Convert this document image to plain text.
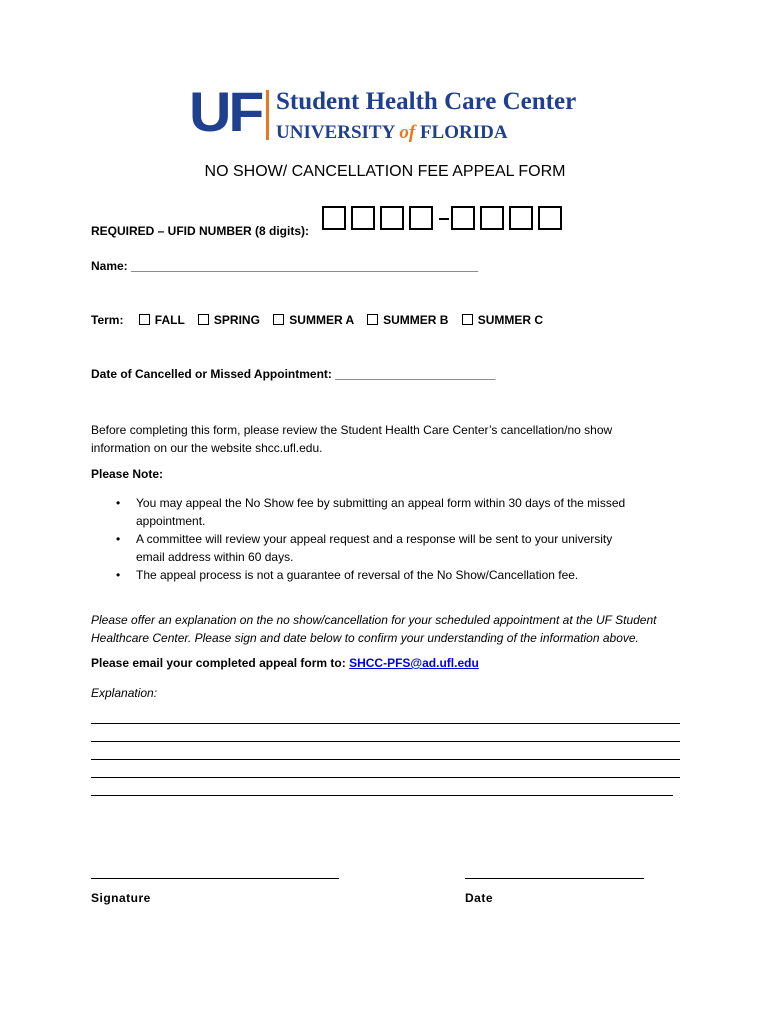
UF Student Health Care Center
UNIVERSITY of FLORIDA
NO SHOW/ CANCELLATION FEE APPEAL FORM
REQUIRED – UFID NUMBER (8 digits):
Name: ____________________________________________________
Term:	FALL SPRING SUMMER A SUMMER B SUMMER C
Date of Cancelled or Missed Appointment: ________________________
Before completing this form, please review the Student Health Care Center’s cancellation/no show
information on our the website shcc.ufl.edu.
Please Note:
• You may appeal the No Show fee by submitting an appeal form within 30 days of the missed
appointment.
• A committee will review your appeal request and a response will be sent to your university
email address within 60 days.
• The appeal process is not a guarantee of reversal of the No Show/Cancellation fee.
Please offer an explanation on the no show/cancellation for your scheduled appointment at the UF Student
Healthcare Center. Please sign and date below to confirm your understanding of the information above.
Please email your completed appeal form to: SHCC-PFS@ad.ufl.edu
Explanation:
Signature	Date
